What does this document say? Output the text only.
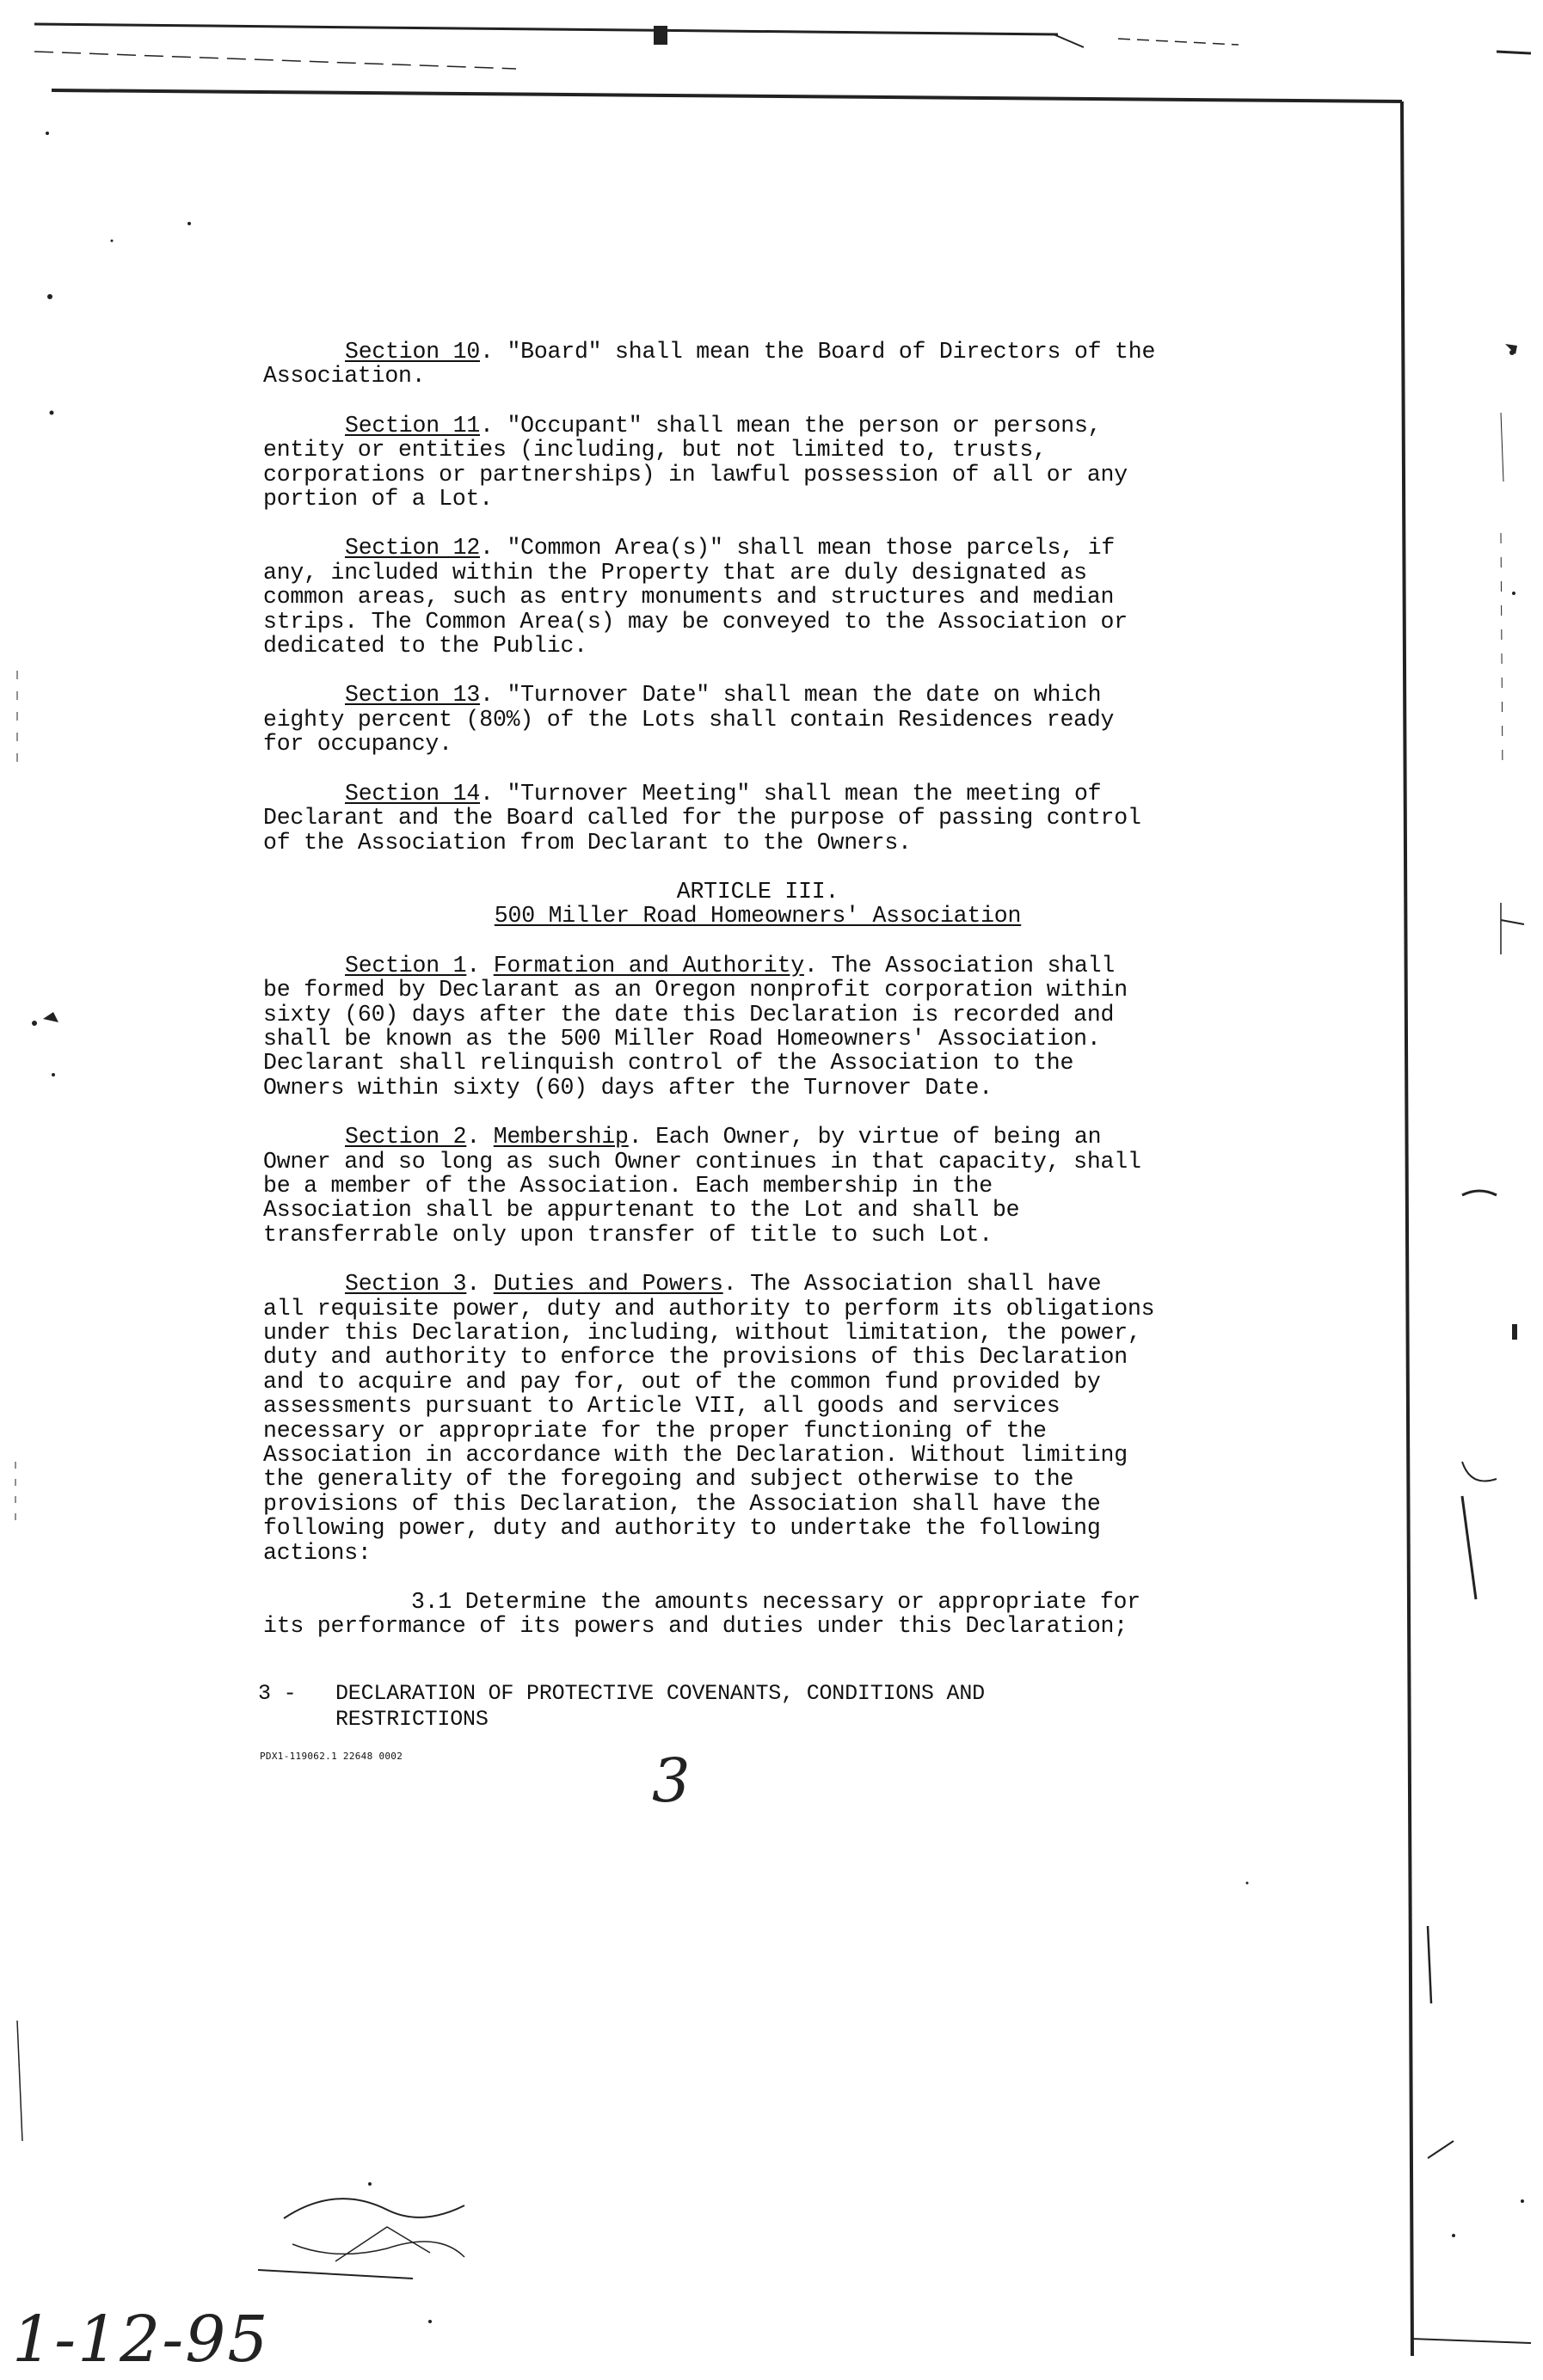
Section 10. "Board" shall mean the Board of Directors of the
Association.
Section 11. "Occupant" shall mean the person or persons,
entity or entities (including, but not limited to, trusts,
corporations or partnerships) in lawful possession of all or any
portion of a Lot.
Section 12. "Common Area(s)" shall mean those parcels, if
any, included within the Property that are duly designated as
common areas, such as entry monuments and structures and median
strips. The Common Area(s) may be conveyed to the Association or
dedicated to the Public.
Section 13. "Turnover Date" shall mean the date on which
eighty percent (80%) of the Lots shall contain Residences ready
for occupancy.
Section 14. "Turnover Meeting" shall mean the meeting of
Declarant and the Board called for the purpose of passing control
of the Association from Declarant to the Owners.

ARTICLE III.

500 Miller Road Homeowners' Association

Section 1. Formation and Authority. The Association shall
be formed by Declarant as an Oregon nonprofit corporation within
sixty (60) days after the date this Declaration is recorded and
shall be known as the 500 Miller Road Homeowners' Association.
Declarant shall relinquish control of the Association to the
Owners within sixty (60) days after the Turnover Date.
Section 2. Membership. Each Owner, by virtue of being an
Owner and so long as such Owner continues in that capacity, shall
be a member of the Association. Each membership in the
Association shall be appurtenant to the Lot and shall be
transferrable only upon transfer of title to such Lot.
Section 3. Duties and Powers. The Association shall have
all requisite power, duty and authority to perform its obligations
under this Declaration, including, without limitation, the power,
duty and authority to enforce the provisions of this Declaration
and to acquire and pay for, out of the common fund provided by
assessments pursuant to Article VII, all goods and services
necessary or appropriate for the proper functioning of the
Association in accordance with the Declaration. Without limiting
the generality of the foregoing and subject otherwise to the
provisions of this Declaration, the Association shall have the
following power, duty and authority to undertake the following
actions:
3.1 Determine the amounts necessary or appropriate for
its performance of its powers and duties under this Declaration;
3 - DECLARATION OF PROTECTIVE COVENANTS, CONDITIONS AND
RESTRICTIONS
PDX1-119062.1 22648 0002	3
1-12-95
